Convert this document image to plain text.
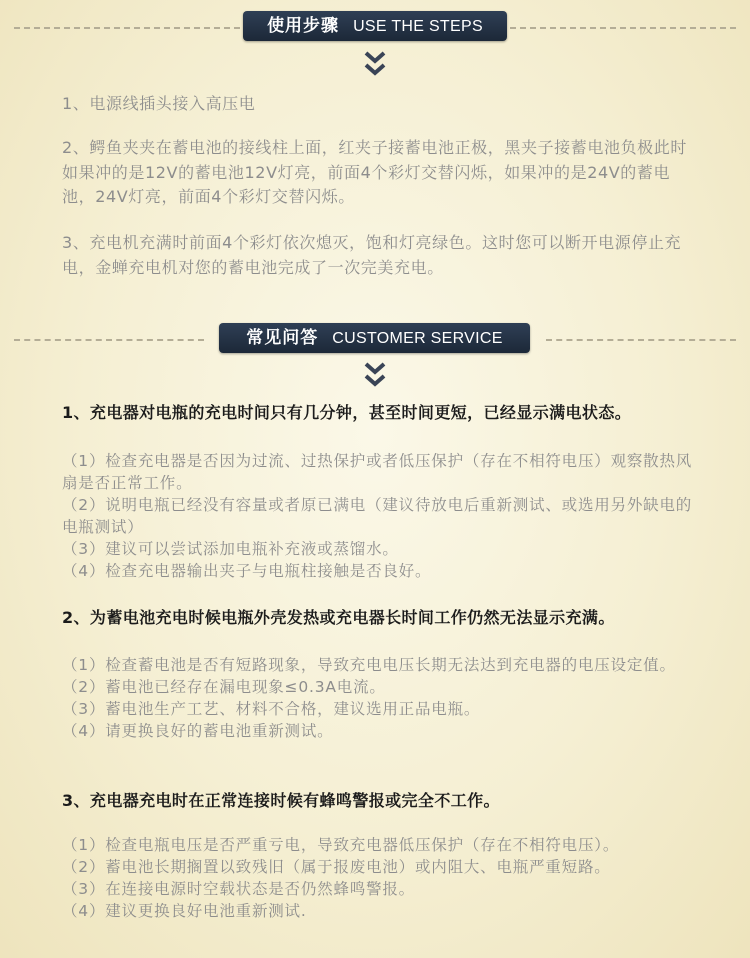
使用步骤 USE THE STEPS

1、电源线插头接入高压电

2、鳄鱼夹夹在蓄电池的接线柱上面，红夹子接蓄电池正极，黑夹子接蓄电池负极此时如果冲的是12V的蓄电池12V灯亮，前面4个彩灯交替闪烁，如果冲的是24V的蓄电池，24V灯亮，前面4个彩灯交替闪烁。

3、充电机充满时前面4个彩灯依次熄灭，饱和灯亮绿色。这时您可以断开电源停止充电，金蝉充电机对您的蓄电池完成了一次完美充电。

常见问答 CUSTOMER SERVICE

1、充电器对电瓶的充电时间只有几分钟，甚至时间更短，已经显示满电状态。

（1）检查充电器是否因为过流、过热保护或者低压保护（存在不相符电压）观察散热风扇是否正常工作。
（2）说明电瓶已经没有容量或者原已满电（建议待放电后重新测试、或选用另外缺电的电瓶测试）
（3）建议可以尝试添加电瓶补充液或蒸馏水。
（4）检查充电器输出夹子与电瓶柱接触是否良好。

2、为蓄电池充电时候电瓶外壳发热或充电器长时间工作仍然无法显示充满。

（1）检查蓄电池是否有短路现象，导致充电电压长期无法达到充电器的电压设定值。
（2）蓄电池已经存在漏电现象≤0.3A电流。
（3）蓄电池生产工艺、材料不合格，建议选用正品电瓶。
（4）请更换良好的蓄电池重新测试。

3、充电器充电时在正常连接时候有蜂鸣警报或完全不工作。

（1）检查电瓶电压是否严重亏电，导致充电器低压保护（存在不相符电压）。
（2）蓄电池长期搁置以致残旧（属于报废电池）或内阻大、电瓶严重短路。
（3）在连接电源时空载状态是否仍然蜂鸣警报。
（4）建议更换良好电池重新测试.
